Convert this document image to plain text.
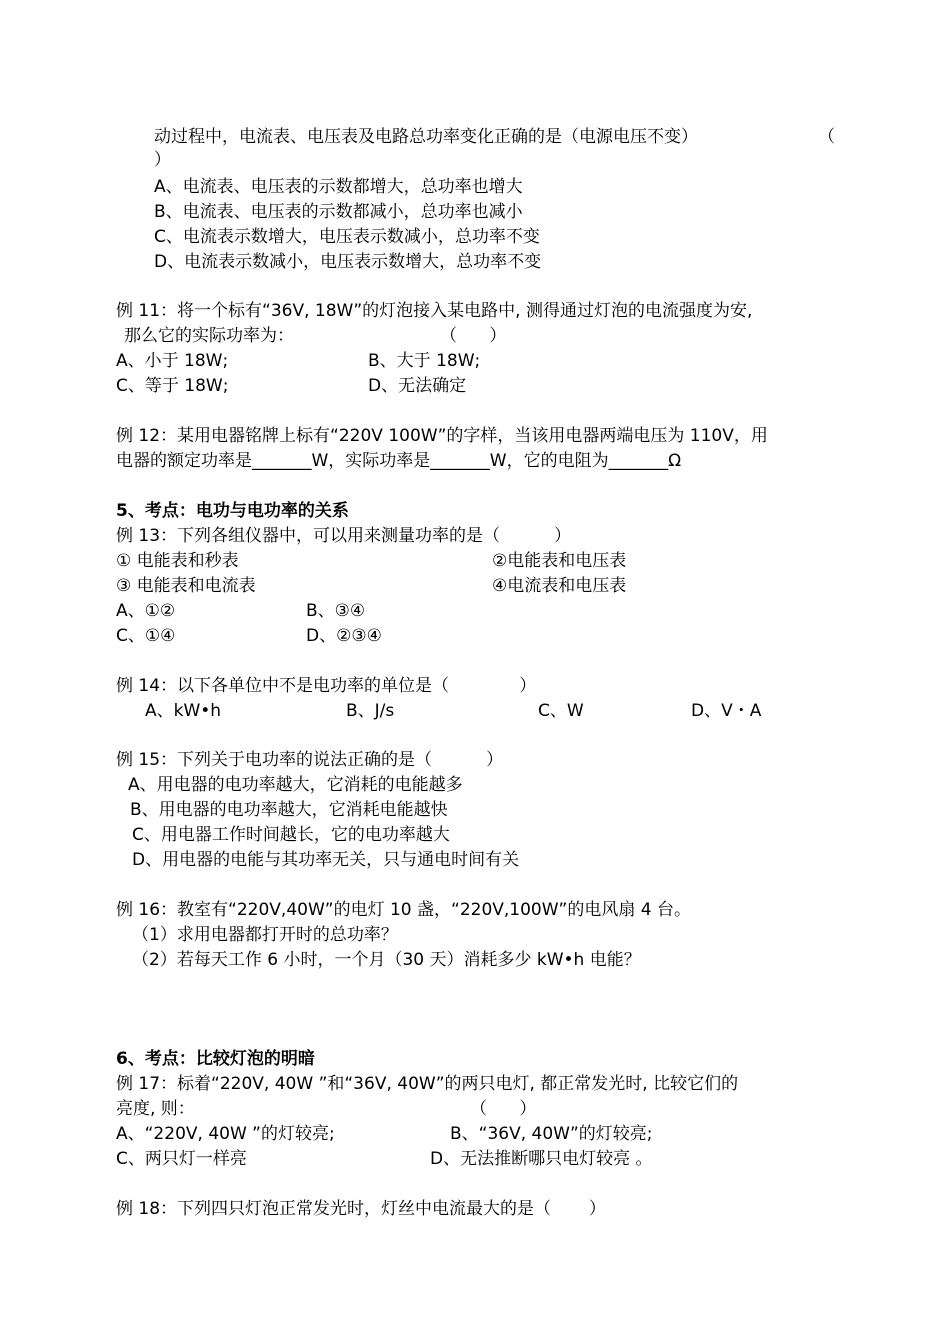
动过程中，电流表、电压表及电路总功率变化正确的是（电源电压不变）	（
）
A、电流表、电压表的示数都增大，总功率也增大
B、电流表、电压表的示数都减小，总功率也减小
C、电流表示数增大，电压表示数减小，总功率不变
D、电流表示数减小，电压表示数增大，总功率不变
例 11：将一个标有“36V, 18W”的灯泡接入某电路中, 测得通过灯泡的电流强度为安,
那么它的实际功率为：	（      ）
A、小于 18W;	B、大于 18W;
C、等于 18W;	D、无法确定
例 12：某用电器铭牌上标有“220V 100W”的字样，当该用电器两端电压为 110V，用
电器的额定功率是_______W，实际功率是_______W，它的电阻为_______Ω
5、考点：电功与电功率的关系
例 13：下列各组仪器中，可以用来测量功率的是（          ）
① 电能表和秒表	②电能表和电压表
③ 电能表和电流表	④电流表和电压表
A、①②	B、③④
C、①④	D、②③④
例 14：以下各单位中不是电功率的单位是（             ）
A、kW•h	B、J/s	C、W	D、V・A
例 15：下列关于电功率的说法正确的是（          ）
A、用电器的电功率越大，它消耗的电能越多
B、用电器的电功率越大，它消耗电能越快
C、用电器工作时间越长，它的电功率越大
D、用电器的电能与其功率无关，只与通电时间有关
例 16：教室有“220V,40W”的电灯 10 盏，“220V,100W”的电风扇 4 台。
（1）求用电器都打开时的总功率？
（2）若每天工作 6 小时，一个月（30 天）消耗多少 kW•h 电能？
6、考点：比较灯泡的明暗
例 17：标着“220V, 40W ”和“36V, 40W”的两只电灯, 都正常发光时, 比较它们的
亮度, 则：	（      ）
A、“220V, 40W ”的灯较亮;	B、“36V, 40W”的灯较亮;
C、两只灯一样亮	D、无法推断哪只电灯较亮 。
例 18：下列四只灯泡正常发光时，灯丝中电流最大的是（       ）
